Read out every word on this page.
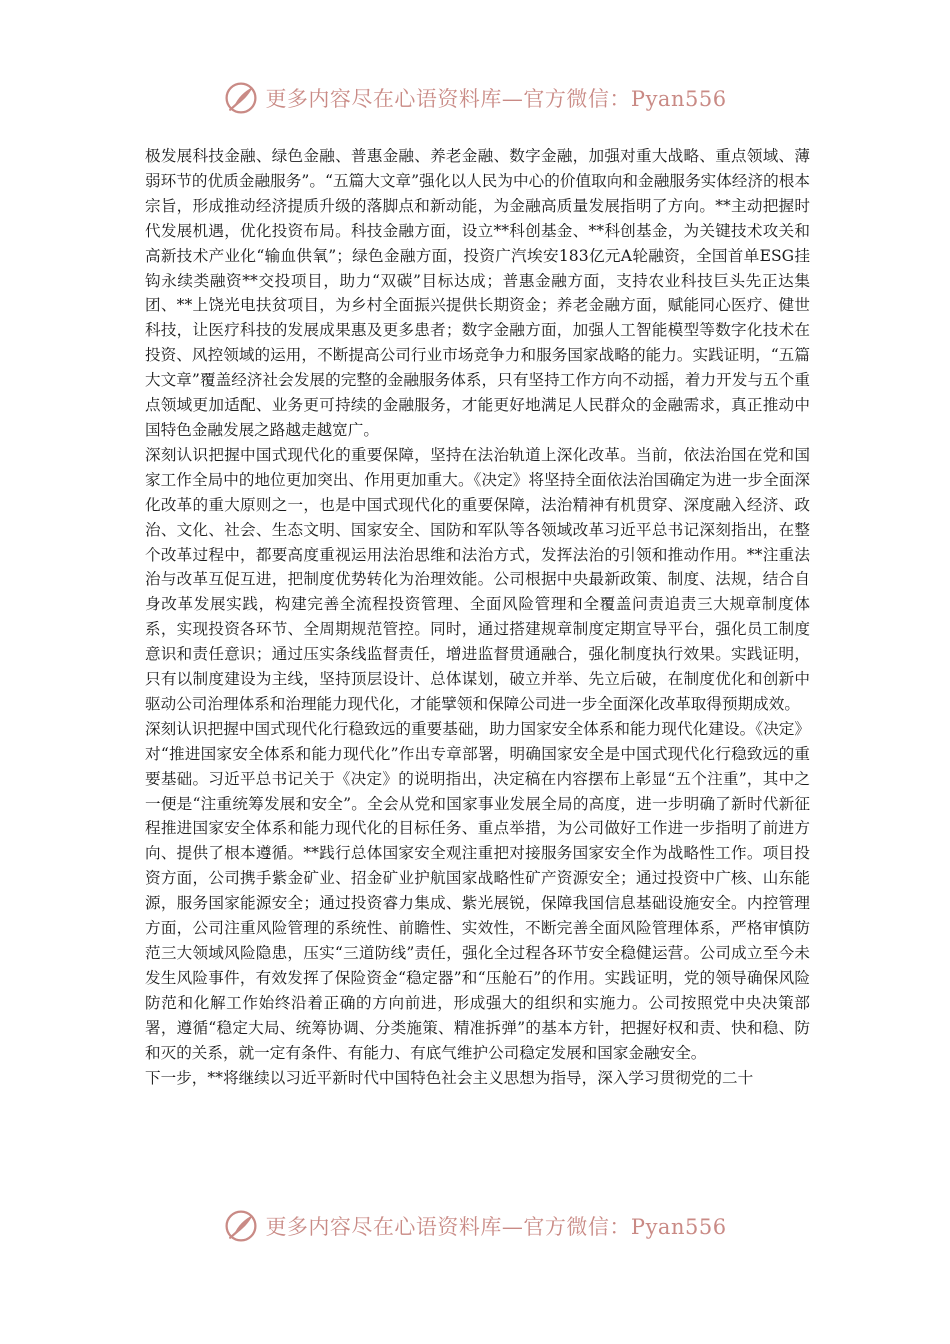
更多内容尽在心语资料库—官方微信：Pyan556

极发展科技金融、绿色金融、普惠金融、养老金融、数字金融，加强对重大战略、重点领域、薄弱环节的优质金融服务”。“五篇大文章”强化以人民为中心的价值取向和金融服务实体经济的根本宗旨，形成推动经济提质升级的落脚点和新动能，为金融高质量发展指明了方向。**主动把握时代发展机遇，优化投资布局。科技金融方面，设立**科创基金、**科创基金，为关键技术攻关和高新技术产业化“输血供氧”；绿色金融方面，投资广汽埃安183亿元A轮融资，全国首单ESG挂钩永续类融资**交投项目，助力“双碳”目标达成；普惠金融方面，支持农业科技巨头先正达集团、**上饶光电扶贫项目，为乡村全面振兴提供长期资金；养老金融方面，赋能同心医疗、健世科技，让医疗科技的发展成果惠及更多患者；数字金融方面，加强人工智能模型等数字化技术在投资、风控领域的运用，不断提高公司行业市场竞争力和服务国家战略的能力。实践证明，“五篇大文章”覆盖经济社会发展的完整的金融服务体系，只有坚持工作方向不动摇，着力开发与五个重点领域更加适配、业务更可持续的金融服务，才能更好地满足人民群众的金融需求，真正推动中国特色金融发展之路越走越宽广。

深刻认识把握中国式现代化的重要保障，坚持在法治轨道上深化改革。当前，依法治国在党和国家工作全局中的地位更加突出、作用更加重大。《决定》将坚持全面依法治国确定为进一步全面深化改革的重大原则之一，也是中国式现代化的重要保障，法治精神有机贯穿、深度融入经济、政治、文化、社会、生态文明、国家安全、国防和军队等各领域改革习近平总书记深刻指出，在整个改革过程中，都要高度重视运用法治思维和法治方式，发挥法治的引领和推动作用。**注重法治与改革互促互进，把制度优势转化为治理效能。公司根据中央最新政策、制度、法规，结合自身改革发展实践，构建完善全流程投资管理、全面风险管理和全覆盖问责追责三大规章制度体系，实现投资各环节、全周期规范管控。同时，通过搭建规章制度定期宣导平台，强化员工制度意识和责任意识；通过压实条线监督责任，增进监督贯通融合，强化制度执行效果。实践证明，只有以制度建设为主线，坚持顶层设计、总体谋划，破立并举、先立后破，在制度优化和创新中驱动公司治理体系和治理能力现代化，才能擘领和保障公司进一步全面深化改革取得预期成效。

深刻认识把握中国式现代化行稳致远的重要基础，助力国家安全体系和能力现代化建设。《决定》对“推进国家安全体系和能力现代化”作出专章部署，明确国家安全是中国式现代化行稳致远的重要基础。习近平总书记关于《决定》的说明指出，决定稿在内容摆布上彰显“五个注重”，其中之一便是“注重统筹发展和安全”。全会从党和国家事业发展全局的高度，进一步明确了新时代新征程推进国家安全体系和能力现代化的目标任务、重点举措，为公司做好工作进一步指明了前进方向、提供了根本遵循。**践行总体国家安全观注重把对接服务国家安全作为战略性工作。项目投资方面，公司携手紫金矿业、招金矿业护航国家战略性矿产资源安全；通过投资中广核、山东能源，服务国家能源安全；通过投资睿力集成、紫光展锐，保障我国信息基础设施安全。内控管理方面，公司注重风险管理的系统性、前瞻性、实效性，不断完善全面风险管理体系，严格审慎防范三大领域风险隐患，压实“三道防线”责任，强化全过程各环节安全稳健运营。公司成立至今未发生风险事件，有效发挥了保险资金“稳定器”和“压舱石”的作用。实践证明，党的领导确保风险防范和化解工作始终沿着正确的方向前进，形成强大的组织和实施力。公司按照党中央决策部署，遵循“稳定大局、统筹协调、分类施策、精准拆弹”的基本方针，把握好权和责、快和稳、防和灭的关系，就一定有条件、有能力、有底气维护公司稳定发展和国家金融安全。

下一步，**将继续以习近平新时代中国特色社会主义思想为指导，深入学习贯彻党的二十

更多内容尽在心语资料库—官方微信：Pyan556
